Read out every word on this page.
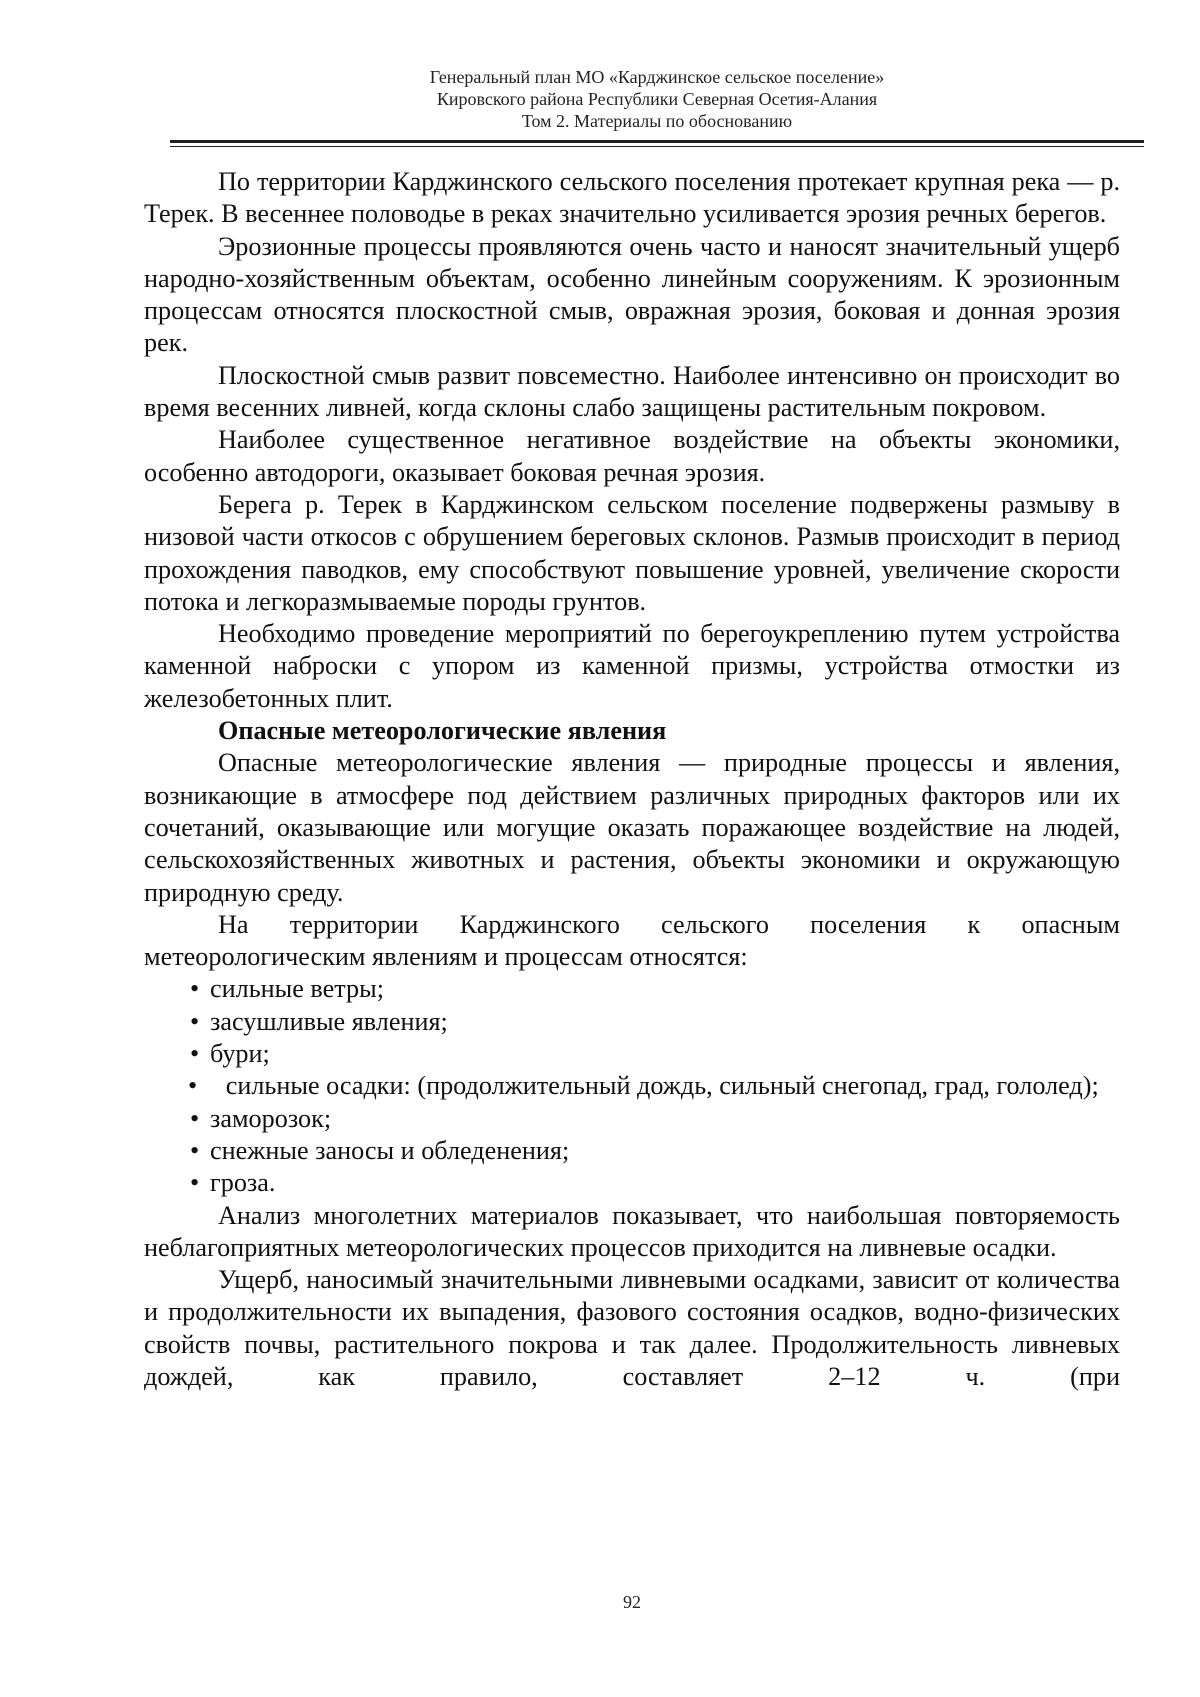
Генеральный план МО «Карджинское сельское поселение»
Кировского района Республики Северная Осетия-Алания
Том 2. Материалы по обоснованию

По территории Карджинского сельского поселения протекает крупная река — р. Терек. В весеннее половодье в реках значительно усиливается эрозия речных берегов.

Эрозионные процессы проявляются очень часто и наносят значительный ущерб народно-хозяйственным объектам, особенно линейным сооружениям. К эрозионным процессам относятся плоскостной смыв, овражная эрозия, боковая и донная эрозия рек.

Плоскостной смыв развит повсеместно. Наиболее интенсивно он происходит во время весенних ливней, когда склоны слабо защищены растительным покровом.

Наиболее существенное негативное воздействие на объекты экономики, особенно автодороги, оказывает боковая речная эрозия.

Берега р. Терек в Карджинском сельском поселение подвержены размыву в низовой части откосов с обрушением береговых склонов. Размыв происходит в период прохождения паводков, ему способствуют повышение уровней, увеличение скорости потока и легкоразмываемые породы грунтов.

Необходимо проведение мероприятий по берегоукреплению путем устройства каменной наброски с упором из каменной призмы, устройства отмостки из железобетонных плит.

Опасные метеорологические явления

Опасные метеорологические явления — природные процессы и явления, возникающие в атмосфере под действием различных природных факторов или их сочетаний, оказывающие или могущие оказать поражающее воздействие на людей, сельскохозяйственных животных и растения, объекты экономики и окружающую природную среду.

На территории Карджинского сельского поселения к опасным метеорологическим явлениям и процессам относятся:

• сильные ветры;
• засушливые явления;
• бури;
• сильные осадки: (продолжительный дождь, сильный снегопад, град, гололед);
• заморозок;
• снежные заносы и обледенения;
• гроза.

Анализ многолетних материалов показывает, что наибольшая повторяемость неблагоприятных метеорологических процессов приходится на ливневые осадки.

Ущерб, наносимый значительными ливневыми осадками, зависит от количества и продолжительности их выпадения, фазового состояния осадков, водно-физических свойств почвы, растительного покрова и так далее. Продолжительность ливневых дождей, как правило, составляет 2–12 ч. (при

92
